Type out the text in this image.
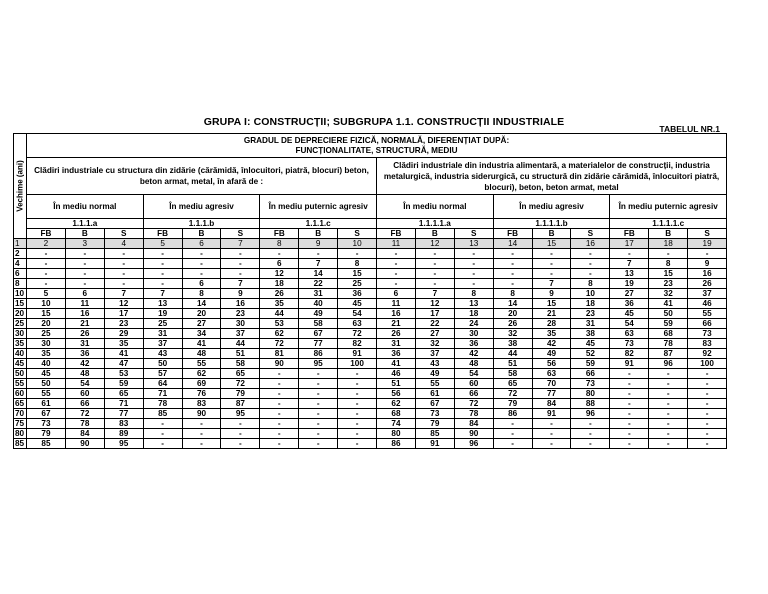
GRUPA I: CONSTRUCȚII; SUBGRUPA 1.1. CONSTRUCȚII INDUSTRIALE
TABELUL NR.1
Vechime (ani)	GRADUL DE DEPRECIERE FIZICĂ, NORMALĂ, DIFERENȚIAT DUPĂ:
FUNCȚIONALITATE, STRUCTURĂ, MEDIU																	

	Clădiri industriale cu structura din zidărie (cărămidă, înlocuitori, piatră, blocuri) beton, beton armat, metal, în afară de :									Clădiri industriale din industria alimentară, a materialelor de construcții, industria metalurgică, industria siderurgică, cu structură din zidărie cărămidă, înlocuitori piatră, blocuri), beton, beton armat, metal								
	În mediu normal			În mediu agresiv			În mediu puternic agresiv			În mediu normal			În mediu agresiv			În mediu puternic agresiv		
	1.1.1.a			1.1.1.b			1.1.1.c			1.1.1.1.a			1.1.1.1.b			1.1.1.1.c		
	FB	B	S	FB	B	S	FB	B	S	FB	B	S	FB	B	S	FB	B	S
1	2	3	4	5	6	7	8	9	10	11	12	13	14	15	16	17	18	19
2	-	-	-	-	-	-	-	-	-	-	-	-	-	-	-	-	-	-
4	-	-	-	-	-	-	6	7	8	-	-	-	-	-	-	7	8	9
6	-	-	-	-	-	-	12	14	15	-	-	-	-	-	-	13	15	16
8	-	-	-	-	6	7	18	22	25	-	-	-	-	7	8	19	23	26
10	5	6	7	7	8	9	26	31	36	6	7	8	8	9	10	27	32	37
15	10	11	12	13	14	16	35	40	45	11	12	13	14	15	18	36	41	46
20	15	16	17	19	20	23	44	49	54	16	17	18	20	21	23	45	50	55
25	20	21	23	25	27	30	53	58	63	21	22	24	26	28	31	54	59	66
30	25	26	29	31	34	37	62	67	72	26	27	30	32	35	38	63	68	73
35	30	31	35	37	41	44	72	77	82	31	32	36	38	42	45	73	78	83
40	35	36	41	43	48	51	81	86	91	36	37	42	44	49	52	82	87	92
45	40	42	47	50	55	58	90	95	100	41	43	48	51	56	59	91	96	100
50	45	48	53	57	62	65	-	-	-	46	49	54	58	63	66	-	-	-
55	50	54	59	64	69	72	-	-	-	51	55	60	65	70	73	-	-	-
60	55	60	65	71	76	79	-	-	-	56	61	66	72	77	80	-	-	-
65	61	66	71	78	83	87	-	-	-	62	67	72	79	84	88	-	-	-
70	67	72	77	85	90	95	-	-	-	68	73	78	86	91	96	-	-	-
75	73	78	83	-	-	-	-	-	-	74	79	84	-	-	-	-	-	-
80	79	84	89	-	-	-	-	-	-	80	85	90	-	-	-	-	-	-
85	85	90	95	-	-	-	-	-	-	86	91	96	-	-	-	-	-	-
